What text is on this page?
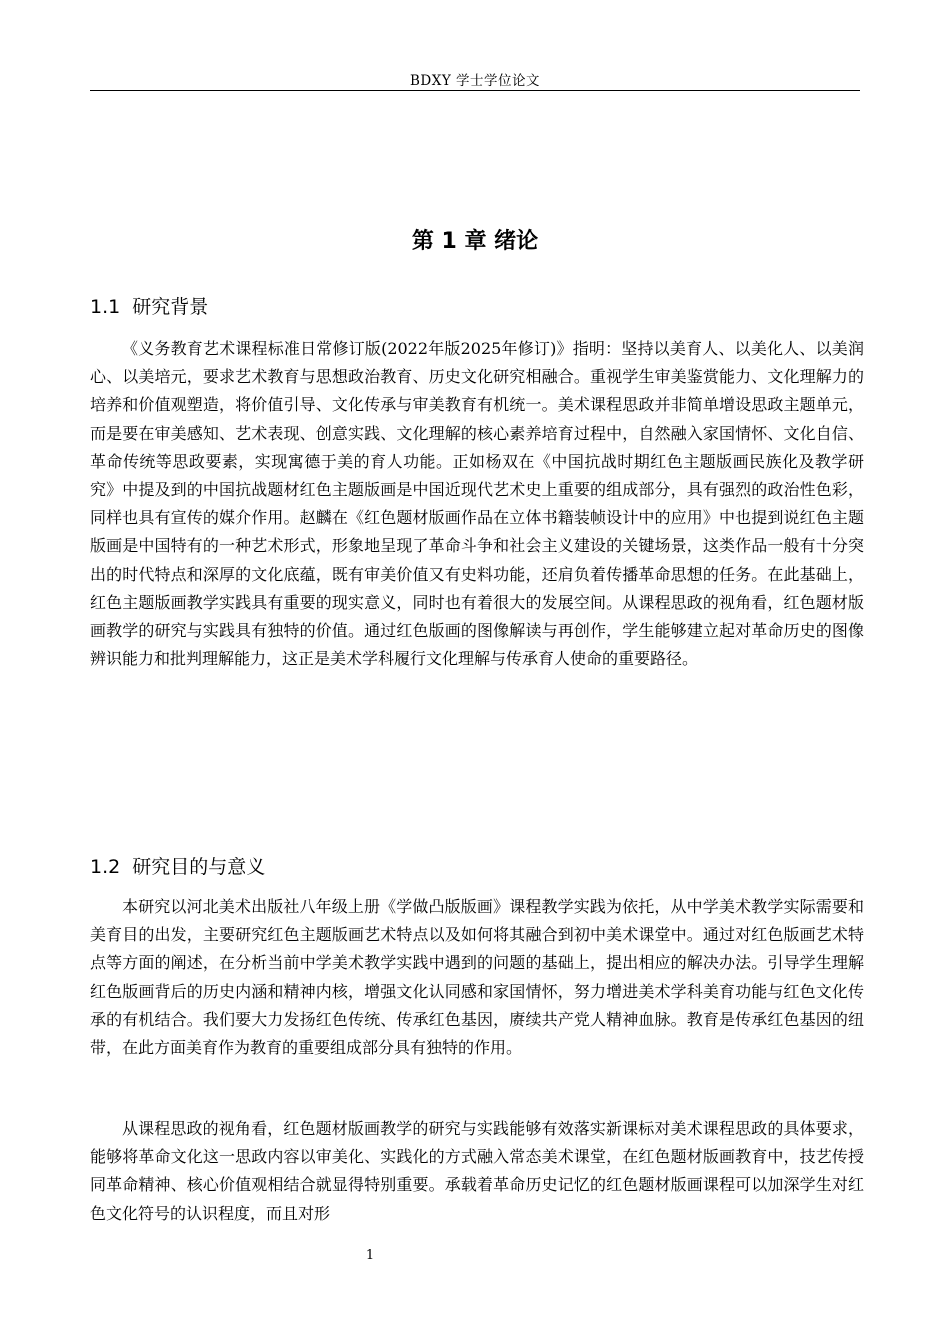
BDXY 学士学位论文
第 1 章 绪论
1.1 研究背景

《义务教育艺术课程标准日常修订版(2022年版2025年修订)》指明：坚持以美育人、以美化人、以美润心、以美培元，要求艺术教育与思想政治教育、历史文化研究相融合。重视学生审美鉴赏能力、文化理解力的培养和价值观塑造，将价值引导、文化传承与审美教育有机统一。美术课程思政并非简单增设思政主题单元，而是要在审美感知、艺术表现、创意实践、文化理解的核心素养培育过程中，自然融入家国情怀、文化自信、革命传统等思政要素，实现寓德于美的育人功能。正如杨双在《中国抗战时期红色主题版画民族化及教学研究》中提及到的中国抗战题材红色主题版画是中国近现代艺术史上重要的组成部分，具有强烈的政治性色彩，同样也具有宣传的媒介作用。赵麟在《红色题材版画作品在立体书籍装帧设计中的应用》中也提到说红色主题版画是中国特有的一种艺术形式，形象地呈现了革命斗争和社会主义建设的关键场景，这类作品一般有十分突出的时代特点和深厚的文化底蕴，既有审美价值又有史料功能，还肩负着传播革命思想的任务。在此基础上，红色主题版画教学实践具有重要的现实意义，同时也有着很大的发展空间。从课程思政的视角看，红色题材版画教学的研究与实践具有独特的价值。通过红色版画的图像解读与再创作，学生能够建立起对革命历史的图像辨识能力和批判理解能力，这正是美术学科履行文化理解与传承育人使命的重要路径。

1.2 研究目的与意义

本研究以河北美术出版社八年级上册《学做凸版版画》课程教学实践为依托，从中学美术教学实际需要和美育目的出发，主要研究红色主题版画艺术特点以及如何将其融合到初中美术课堂中。通过对红色版画艺术特点等方面的阐述，在分析当前中学美术教学实践中遇到的问题的基础上，提出相应的解决办法。引导学生理解红色版画背后的历史内涵和精神内核，增强文化认同感和家国情怀，努力增进美术学科美育功能与红色文化传承的有机结合。我们要大力发扬红色传统、传承红色基因，赓续共产党人精神血脉。教育是传承红色基因的纽带，在此方面美育作为教育的重要组成部分具有独特的作用。

从课程思政的视角看，红色题材版画教学的研究与实践能够有效落实新课标对美术课程思政的具体要求，能够将革命文化这一思政内容以审美化、实践化的方式融入常态美术课堂，在红色题材版画教育中，技艺传授同革命精神、核心价值观相结合就显得特别重要。承载着革命历史记忆的红色题材版画课程可以加深学生对红色文化符号的认识程度，而且对形

1
